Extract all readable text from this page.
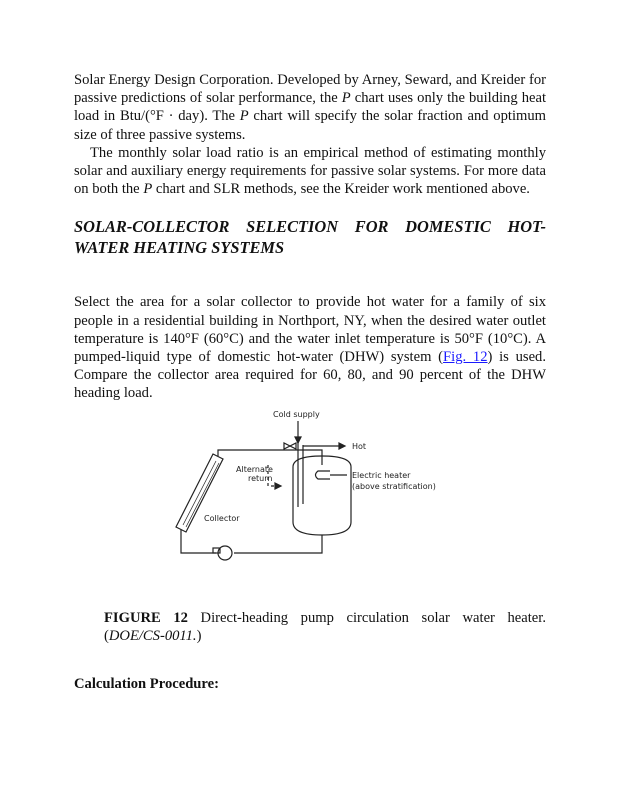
Solar Energy Design Corporation. Developed by Arney, Seward, and Kreider for passive predictions of solar performance, the P chart uses only the building heat load in Btu/(°F · day). The P chart will specify the solar fraction and optimum size of three passive systems.

The monthly solar load ratio is an empirical method of estimating monthly solar and auxiliary energy requirements for passive solar systems. For more data on both the P chart and SLR methods, see the Kreider work mentioned above.

SOLAR-COLLECTOR SELECTION FOR DOMESTIC HOT-WATER HEATING SYSTEMS

Select the area for a solar collector to provide hot water for a family of six people in a residential building in Northport, NY, when the desired water outlet temperature is 140°F (60°C) and the water inlet temperature is 50°F (10°C). A pumped-liquid type of domestic hot-water (DHW) system (Fig. 12) is used. Compare the collector area required for 60, 80, and 90 percent of the DHW heading load.

Cold supply
Hot
Alternate
return	Electric heater
(above stratification)
Collector

FIGURE 12 Direct-heading pump circulation solar water heater. (DOE/CS-0011.)

Calculation Procedure:
